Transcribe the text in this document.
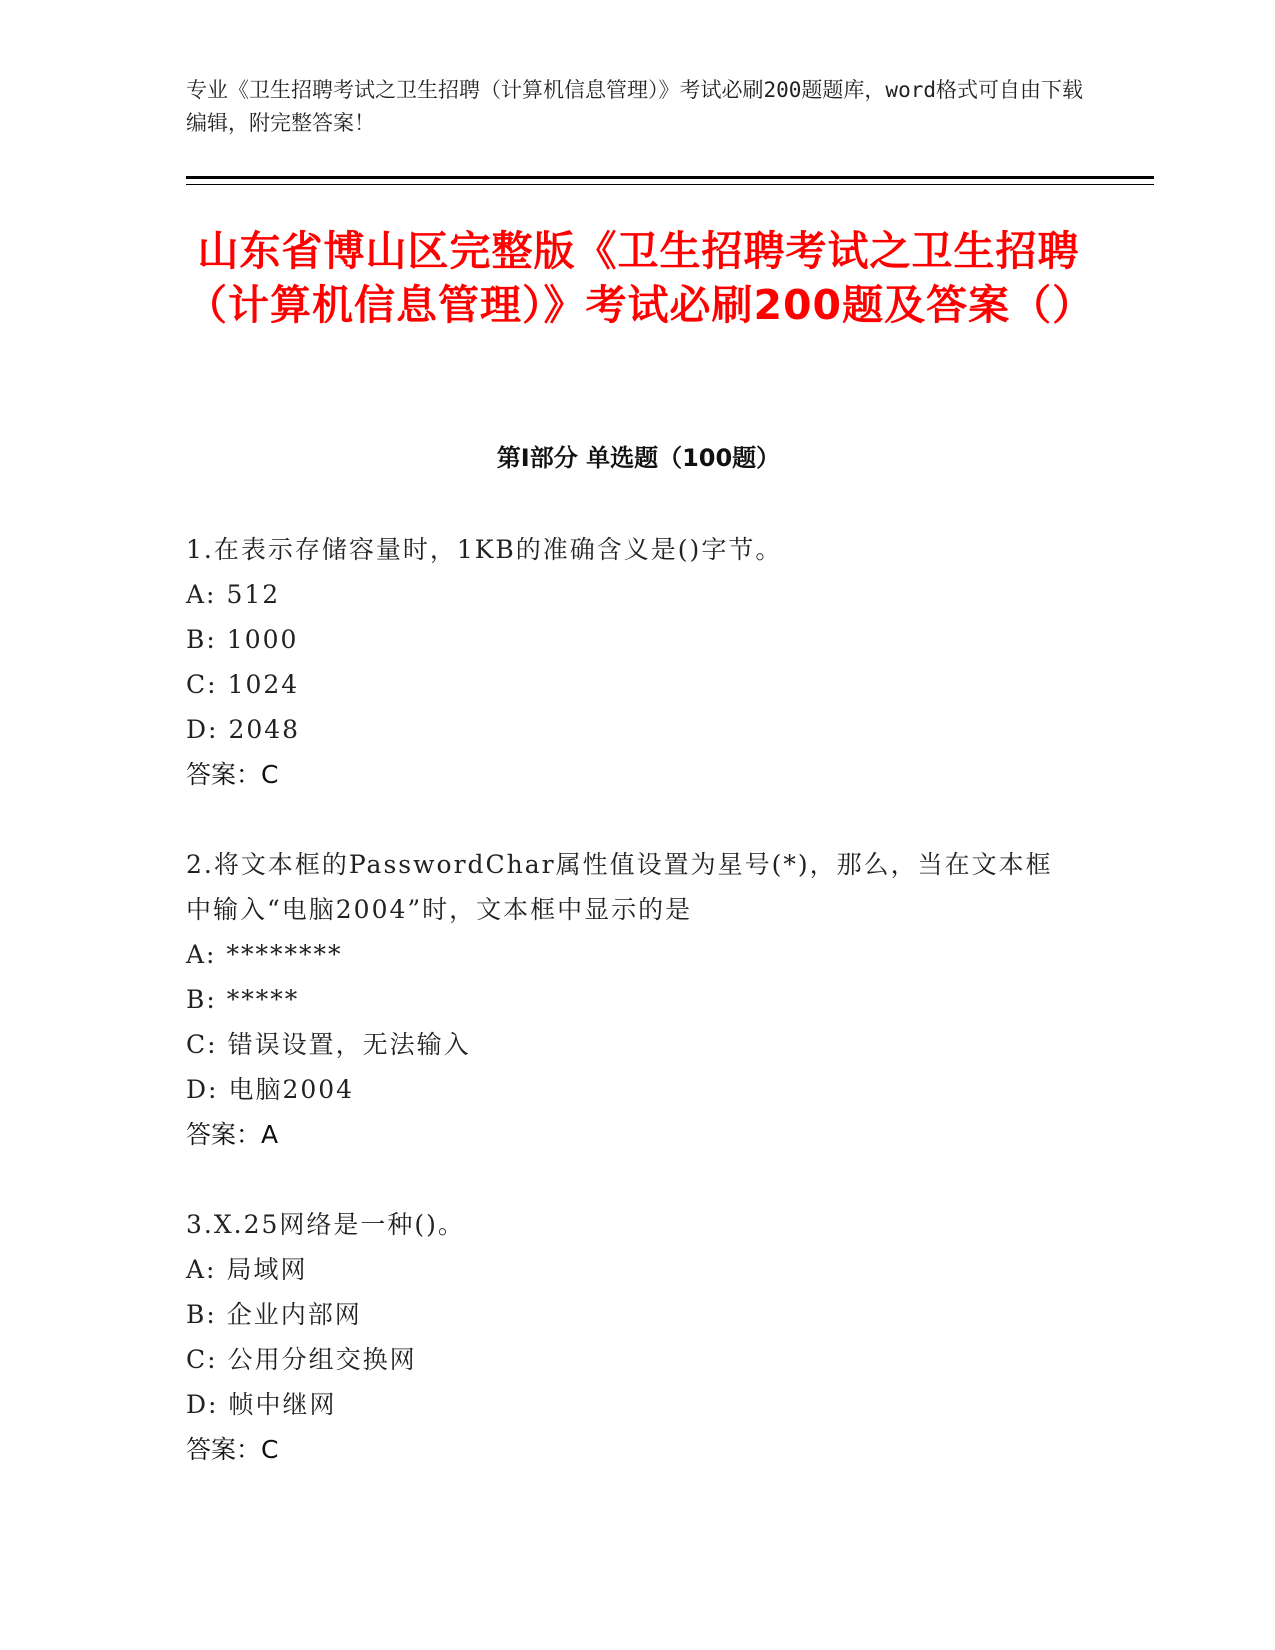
专业《卫生招聘考试之卫生招聘（计算机信息管理）》考试必刷200题题库，word格式可自由下载编辑，附完整答案！
山东省博山区完整版《卫生招聘考试之卫生招聘（计算机信息管理）》考试必刷200题及答案（）
第Ⅰ部分 单选题（100题）
1.在表示存储容量时，1KB的准确含义是()字节。
A: 512
B: 1000
C: 1024
D: 2048
答案：C
2.将文本框的PasswordChar属性值设置为星号(*)，那么，当在文本框中输入“电脑2004”时，文本框中显示的是
A: ********
B: *****
C: 错误设置，无法输入
D: 电脑2004
答案：A
3.X.25网络是一种()。
A: 局域网
B: 企业内部网
C: 公用分组交换网
D: 帧中继网
答案：C
